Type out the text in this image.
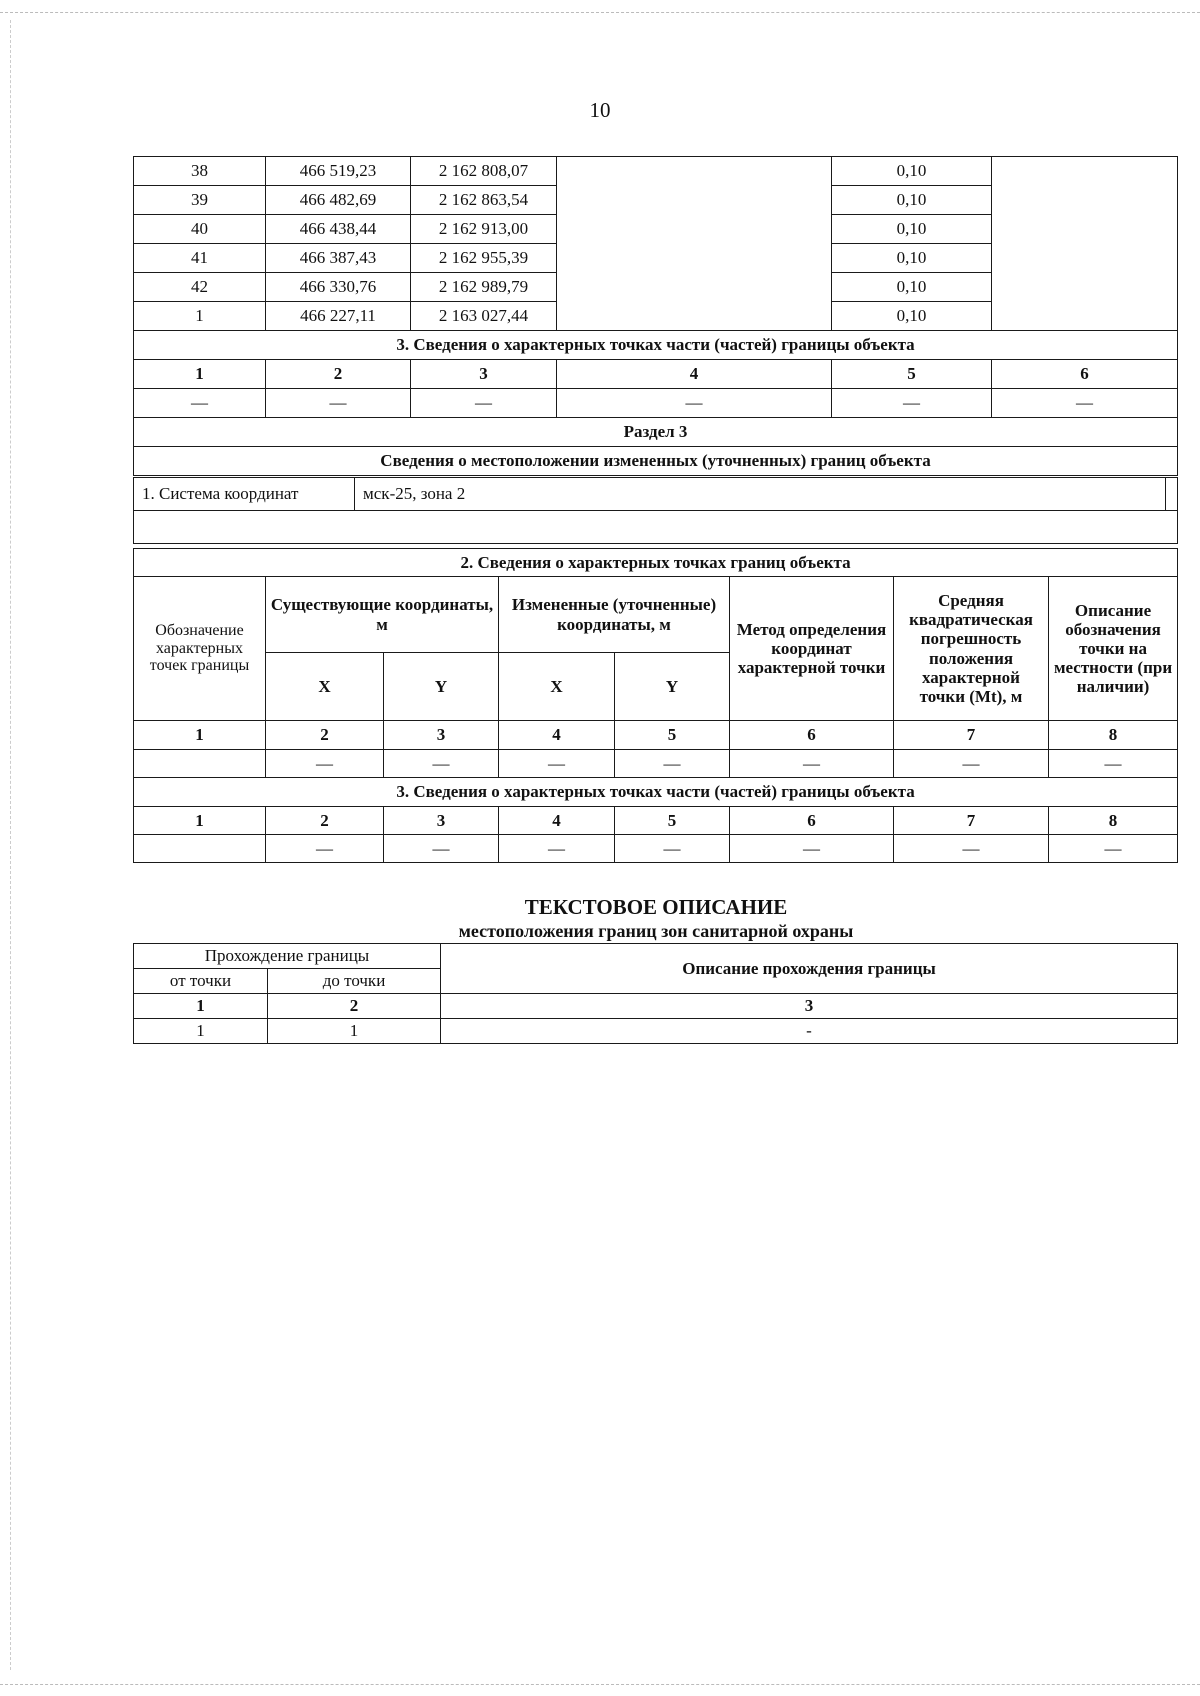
10
38	466 519,23	2 162 808,07		0,10	
39	466 482,69	2 162 863,54		0,10	
40	466 438,44	2 162 913,00		0,10	
41	466 387,43	2 162 955,39		0,10	
42	466 330,76	2 162 989,79		0,10	
1	466 227,11	2 163 027,44		0,10	
3. Сведения о характерных точках части (частей) границы объекта					
1	2	3	4	5	6
—	—	—	—	—	—
Раздел 3					
Сведения о местоположении измененных (уточненных) границ объекта					
1. Система координат	мск-25, зона 2	

2. Сведения о характерных точках границ объекта							
Обозначение характерных точек границы	Существующие координаты, м		Измененные (уточненные) координаты, м		Метод определения координат характерной точки	Средняя квадратическая погрешность положения характерной точки (Mt), м	Описание обозначения точки на местности (при наличии)
	X	Y	X	Y			
1	2	3	4	5	6	7	8
	—	—	—	—	—	—	—
3. Сведения о характерных точках части (частей) границы объекта							
1	2	3	4	5	6	7	8
	—	—	—	—	—	—	—
ТЕКСТОВОЕ ОПИСАНИЕ
местоположения границ зон санитарной охраны
Прохождение границы		Описание прохождения границы
от точки	до точки	
1	2	3
1	1	-
